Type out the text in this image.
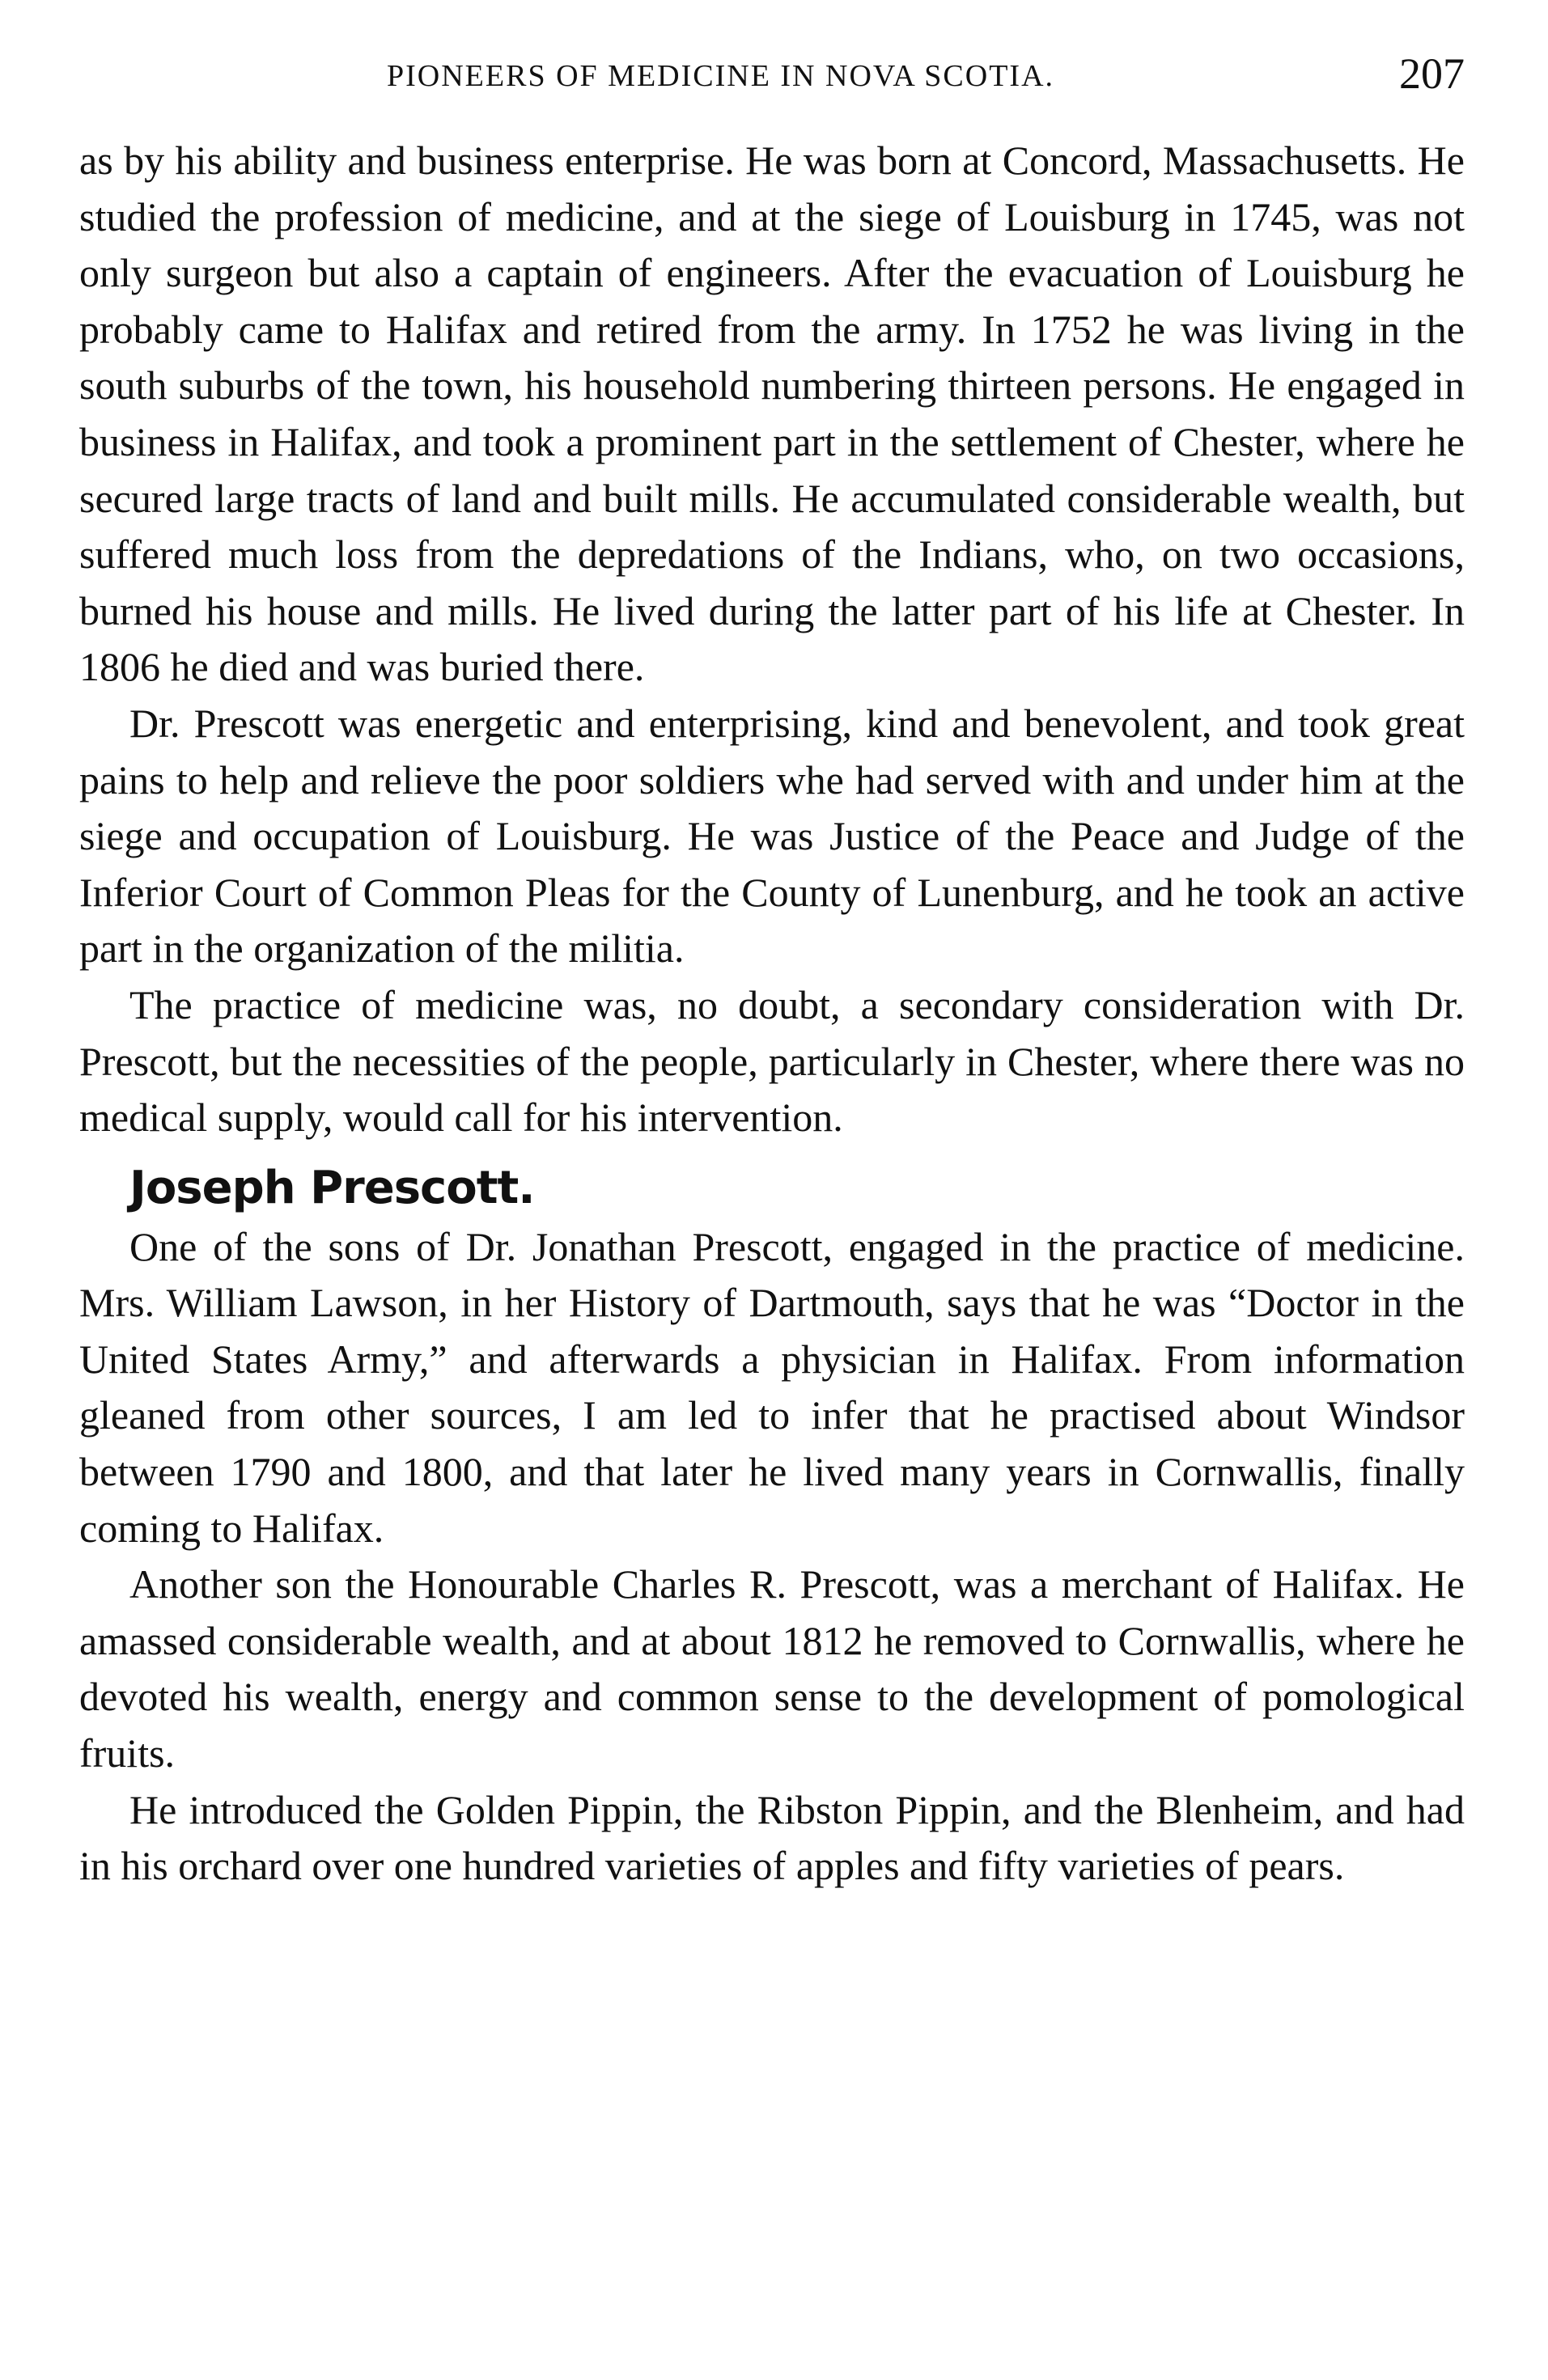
PIONEERS OF MEDICINE IN NOVA SCOTIA.	207

as by his ability and business enterprise. He was born at Concord, Massachusetts. He studied the profession of medicine, and at the siege of Louisburg in 1745, was not only surgeon but also a captain of engineers. After the evacuation of Louisburg he probably came to Halifax and retired from the army. In 1752 he was living in the south suburbs of the town, his household numbering thirteen persons. He engaged in business in Halifax, and took a prominent part in the settlement of Chester, where he secured large tracts of land and built mills. He accumulated considerable wealth, but suffered much loss from the depredations of the Indians, who, on two occasions, burned his house and mills. He lived during the latter part of his life at Chester. In 1806 he died and was buried there.

Dr. Prescott was energetic and enterprising, kind and benevolent, and took great pains to help and relieve the poor soldiers whe had served with and under him at the siege and occupation of Louisburg. He was Justice of the Peace and Judge of the Inferior Court of Common Pleas for the County of Lunenburg, and he took an active part in the organization of the militia.

The practice of medicine was, no doubt, a secondary consideration with Dr. Prescott, but the necessities of the people, particularly in Chester, where there was no medical supply, would call for his intervention.

Joseph Prescott.

One of the sons of Dr. Jonathan Prescott, engaged in the practice of medicine. Mrs. William Lawson, in her History of Dartmouth, says that he was “Doctor in the United States Army,” and afterwards a physician in Halifax. From information gleaned from other sources, I am led to infer that he practised about Windsor between 1790 and 1800, and that later he lived many years in Cornwallis, finally coming to Halifax.

Another son the Honourable Charles R. Prescott, was a merchant of Halifax. He amassed considerable wealth, and at about 1812 he removed to Cornwallis, where he devoted his wealth, energy and common sense to the development of pomological fruits.

He introduced the Golden Pippin, the Ribston Pippin, and the Blenheim, and had in his orchard over one hundred varieties of apples and fifty varieties of pears.
